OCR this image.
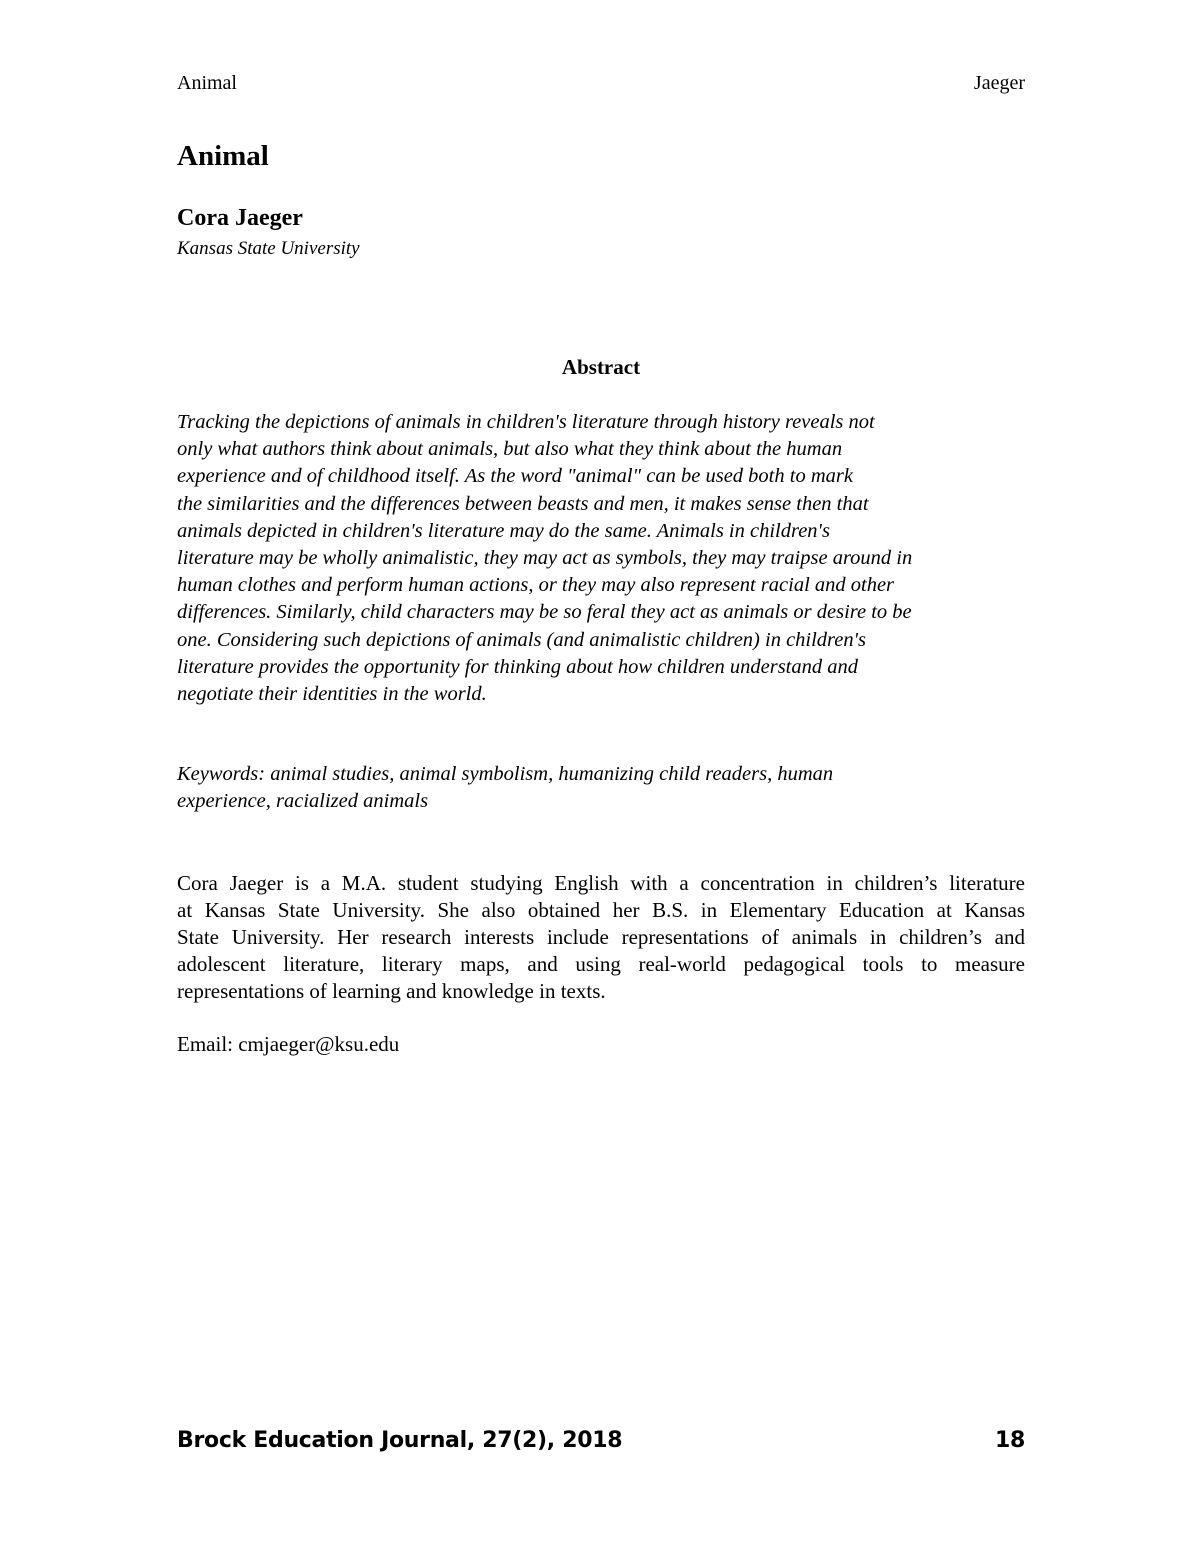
Animal	Jaeger
Animal
Cora Jaeger
Kansas State University
Abstract
Tracking the depictions of animals in children's literature through history reveals not
only what authors think about animals, but also what they think about the human
experience and of childhood itself. As the word "animal" can be used both to mark
the similarities and the differences between beasts and men, it makes sense then that
animals depicted in children's literature may do the same. Animals in children's
literature may be wholly animalistic, they may act as symbols, they may traipse around in
human clothes and perform human actions, or they may also represent racial and other
differences. Similarly, child characters may be so feral they act as animals or desire to be
one. Considering such depictions of animals (and animalistic children) in children's
literature provides the opportunity for thinking about how children understand and
negotiate their identities in the world.
Keywords: animal studies, animal symbolism, humanizing child readers, human
experience, racialized animals
Cora Jaeger is a M.A. student studying English with a concentration in children’s literature
at Kansas State University. She also obtained her B.S. in Elementary Education at Kansas
State University. Her research interests include representations of animals in children’s and
adolescent literature, literary maps, and using real-world pedagogical tools to measure
representations of learning and knowledge in texts.
Email: cmjaeger@ksu.edu
Brock Education Journal, 27(2), 2018	18
